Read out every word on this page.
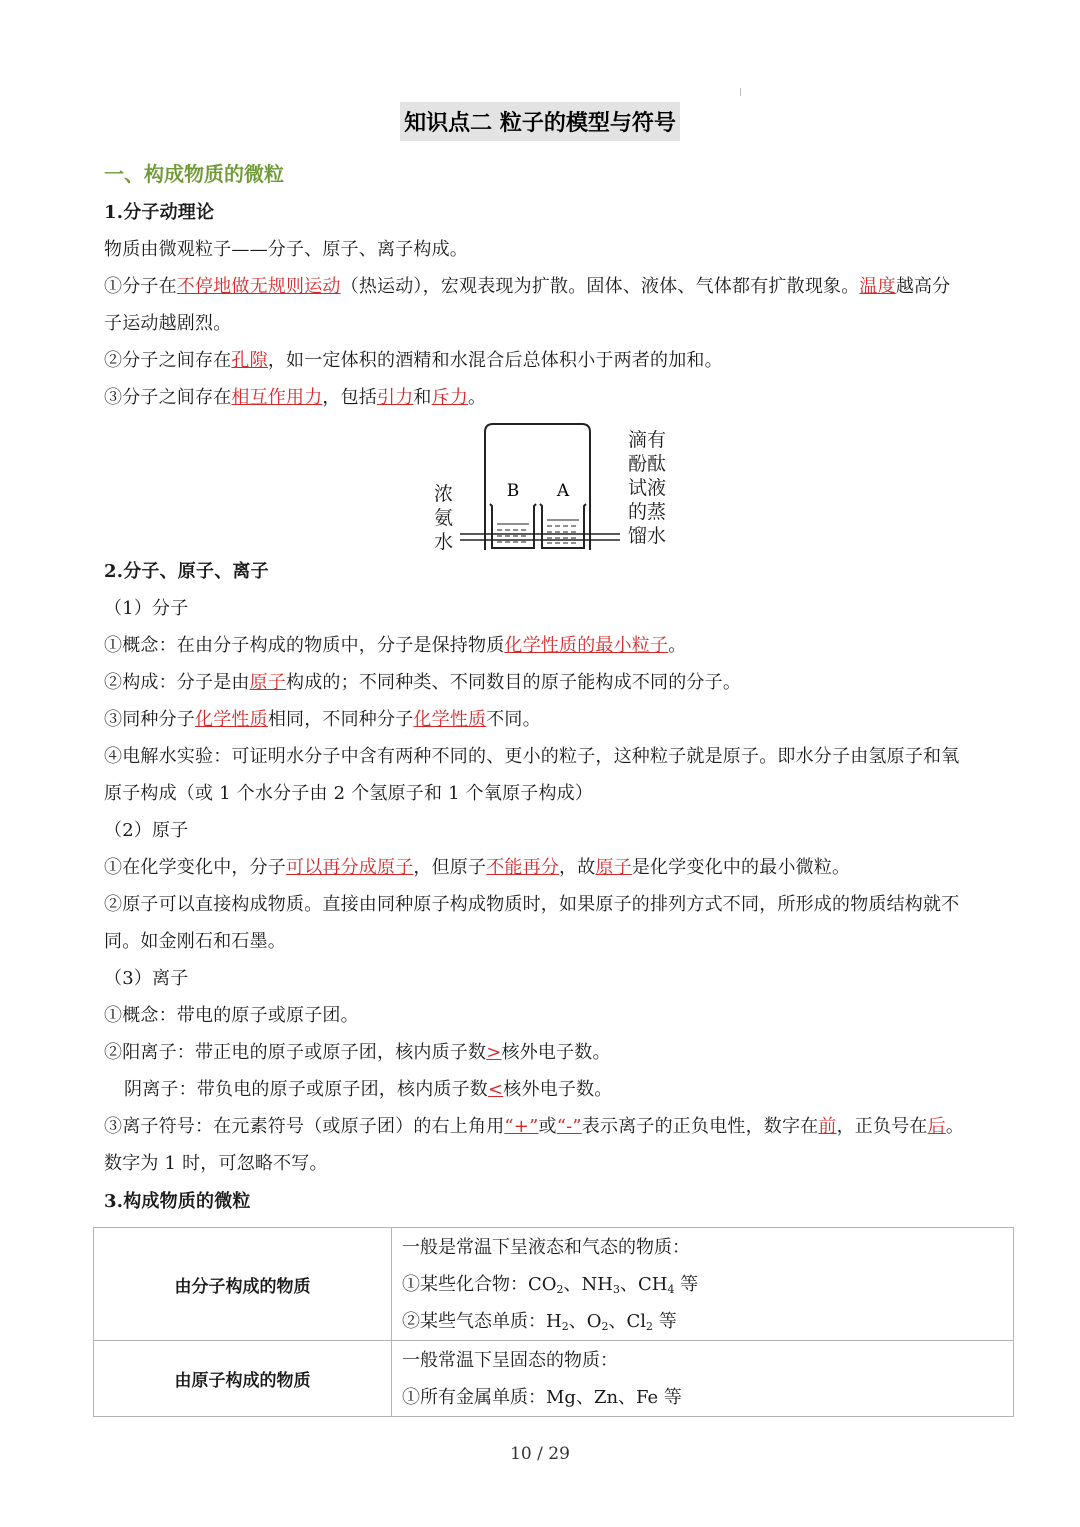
知识点二 粒子的模型与符号
一、构成物质的微粒
1.分子动理论
物质由微观粒子——分子、原子、离子构成。
①分子在不停地做无规则运动（热运动），宏观表现为扩散。固体、液体、气体都有扩散现象。温度越高分
子运动越剧烈。
②分子之间存在孔隙，如一定体积的酒精和水混合后总体积小于两者的加和。
③分子之间存在相互作用力，包括引力和斥力。
B A
浓
氨
水
滴有
酚酞
试液
的蒸
馏水
2.分子、原子、离子
（1）分子
①概念：在由分子构成的物质中，分子是保持物质化学性质的最小粒子。
②构成：分子是由原子构成的；不同种类、不同数目的原子能构成不同的分子。
③同种分子化学性质相同，不同种分子化学性质不同。
④电解水实验：可证明水分子中含有两种不同的、更小的粒子，这种粒子就是原子。即水分子由氢原子和氧
原子构成（或 1 个水分子由 2 个氢原子和 1 个氧原子构成）
（2）原子
①在化学变化中，分子可以再分成原子，但原子不能再分，故原子是化学变化中的最小微粒。
②原子可以直接构成物质。直接由同种原子构成物质时，如果原子的排列方式不同，所形成的物质结构就不
同。如金刚石和石墨。
（3）离子
①概念：带电的原子或原子团。
②阳离子：带正电的原子或原子团，核内质子数>核外电子数。
阴离子：带负电的原子或原子团，核内质子数<核外电子数。
③离子符号：在元素符号（或原子团）的右上角用“+”或“-”表示离子的正负电性，数字在前，正负号在后。
数字为 1 时，可忽略不写。
3.构成物质的微粒
由分子构成的物质	一般是常温下呈液态和气态的物质：
①某些化合物：$CO_2$、$NH_3$、$CH_4$ 等
②某些气态单质：$H_2$、$O_2$、$Cl_2$ 等

由原子构成的物质	一般常温下呈固态的物质：
①所有金属单质：Mg、Zn、Fe 等
10 / 29
